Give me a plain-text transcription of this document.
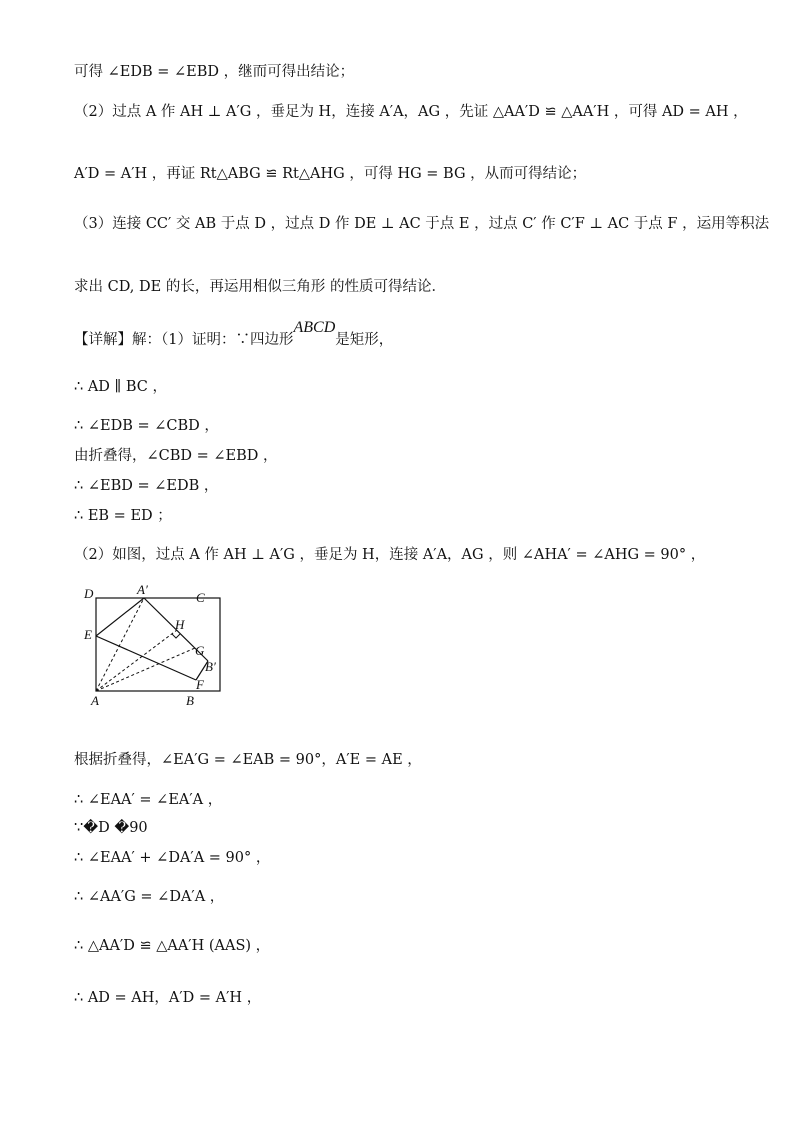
可得 ∠EDB = ∠EBD ，继而可得出结论；
（2）过点 A 作 AH ⊥ A′G ，垂足为 H，连接 A′A，AG ，先证 △AA′D ≌ △AA′H ，可得 AD = AH ，
A′D = A′H ，再证 Rt△ABG ≌ Rt△AHG ，可得 HG = BG ，从而可得结论；
（3）连接 CC′ 交 AB 于点 D ，过点 D 作 DE ⊥ AC 于点 E ，过点 C′ 作 C′F ⊥ AC 于点 F ，运用等积法
求出 CD, DE 的长，再运用相似三角形 的性质可得结论．
【详解】解：（1）证明：∵四边形ABCD是矩形，
∴ AD ∥ BC ，
∴ ∠EDB = ∠CBD ，
由折叠得，∠CBD = ∠EBD ，
∴ ∠EBD = ∠EDB ，
∴ EB = ED ；
（2）如图，过点 A 作 AH ⊥ A′G ，垂足为 H，连接 A′A，AG ，则 ∠AHA′ = ∠AHG = 90° ，
D	A′
C
E
H
G
B′
F
A	B
根据折叠得，∠EA′G = ∠EAB = 90°，A′E = AE ，
∴ ∠EAA′ = ∠EA′A ，
∵�D �90
∴ ∠EAA′ + ∠DA′A = 90° ，
∴ ∠AA′G = ∠DA′A ，
∴ △AA′D ≌ △AA′H (AAS) ，
∴ AD = AH，A′D = A′H ，
